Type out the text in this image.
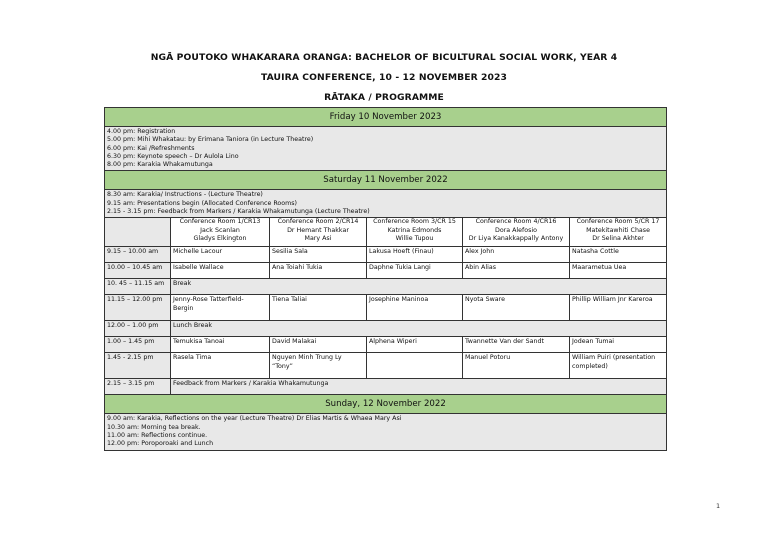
NGĀ POUTOKO WHAKARARA ORANGA: BACHELOR OF BICULTURAL SOCIAL WORK, YEAR 4
TAUIRA CONFERENCE, 10 - 12 NOVEMBER 2023
RĀTAKA / PROGRAMME
Friday 10 November 2023					

4.00 pm: Registration
5.00 pm: Mihi Whakatau: by Erimana Taniora (in Lecture Theatre)
6.00 pm: Kai /Refreshments
6.30 pm: Keynote speech – Dr Aulola Lino
8.00 pm: Karakia Whakamutunga					

Saturday 11 November 2022					

8.30 am: Karakia/ Instructions - (Lecture Theatre)
9.15 am: Presentations begin (Allocated Conference Rooms)
2.15 - 3.15 pm: Feedback from Markers / Karakia Whakamutunga (Lecture Theatre)					

	Conference Room 1/CR13
Jack Scanlan
Gladys Elkington	Conference Room 2/CR14
Dr Hemant Thakkar
Mary Asi	Conference Room 3/CR 15
Katrina Edmonds
Willie Tupou	Conference Room 4/CR16
Dora Alefosio
Dr Liya Kanakkappally Antony	Conference Room 5/CR 17
Matekitawhiti Chase
Dr Selina Akhter

9.15 – 10.00 am	Michelle Lacour	Sesilia Sala	Lakusa Hoeft (Finau)	Alex John	Natasha Cottle

10.00 – 10.45 am	Isabelle Wallace	Ana Toiahi Tukia	Daphne Tukia Langi	Abin Alias	Maarametua Uea

10. 45 – 11.15 am	Break				

11.15 – 12.00 pm	Jenny-Rose Tatterfield-
Bergin	Tiena Taliai	Josephine Maninoa	Nyota Sware	Phillip William Jnr Kareroa

12.00 – 1.00 pm	Lunch Break				

1.00 – 1.45 pm	Temukisa Tanoai	David Malakai	Alphena Wiperi	Twannette Van der Sandt	Jodean Tumai

1.45 - 2.15 pm	Rasela Tima	Nguyen Minh Trung Ly
“Tony”		Manuel Potoru	William Puiri (presentation
completed)

2.15 – 3.15 pm	Feedback from Markers / Karakia Whakamutunga				

Sunday, 12 November 2022					

9.00 am: Karakia, Reflections on the year (Lecture Theatre) Dr Elias Martis & Whaea Mary Asi
10.30 am: Morning tea break.
11.00 am: Reflections continue.
12.00 pm: Poroporoaki and Lunch					
1
